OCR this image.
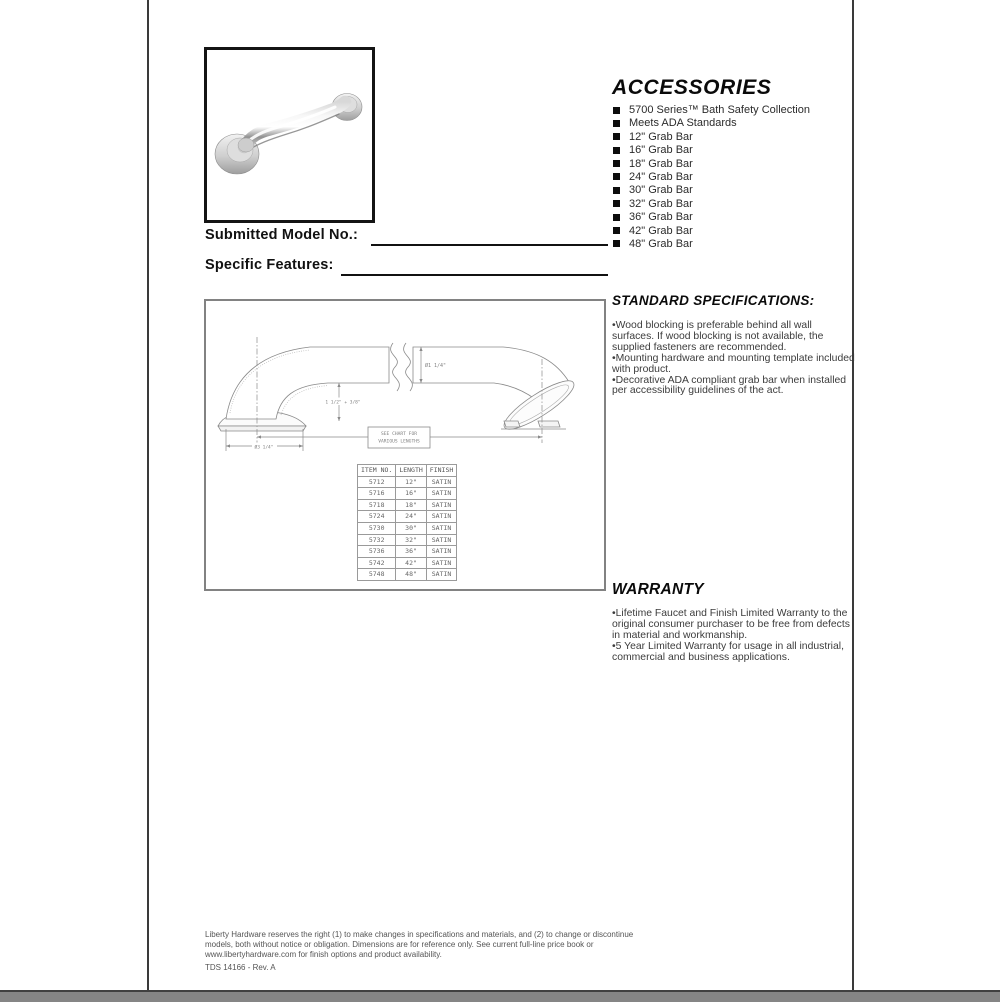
Submitted Model No.:
Specific Features:
ACCESSORIES
5700 Series™ Bath Safety Collection
Meets ADA Standards
12" Grab Bar
16" Grab Bar
18" Grab Bar
24" Grab Bar
30" Grab Bar
32" Grab Bar
36" Grab Bar
42" Grab Bar
48" Grab Bar
STANDARD SPECIFICATIONS:

• Wood blocking is preferable behind all wall surfaces. If wood blocking is not available, the supplied fasteners are recommended.

• Mounting hardware and mounting template included with product.

• Decorative ADA compliant grab bar when installed per accessibility guidelines of the act.

WARRANTY

• Lifetime Faucet and Finish Limited Warranty to the original consumer purchaser to be free from defects in material and workmanship.

• 5 Year Limited Warranty for usage in all industrial, commercial and business applications.

Ø1 1/4"
1 1/2" + 3/8"
Ø3 1/4"
SEE CHART FOR
VARIOUS LENGTHS
ITEM NO.	LENGTH	FINISH
5712	12"	SATIN
5716	16"	SATIN
5718	18"	SATIN
5724	24"	SATIN
5730	30"	SATIN
5732	32"	SATIN
5736	36"	SATIN
5742	42"	SATIN
5748	48"	SATIN
Liberty Hardware reserves the right (1) to make changes in specifications and materials, and (2) to change or discontinue
models, both without notice or obligation. Dimensions are for reference only. See current full-line price book or
www.libertyhardware.com for finish options and product availability.
TDS 14166 - Rev. A
